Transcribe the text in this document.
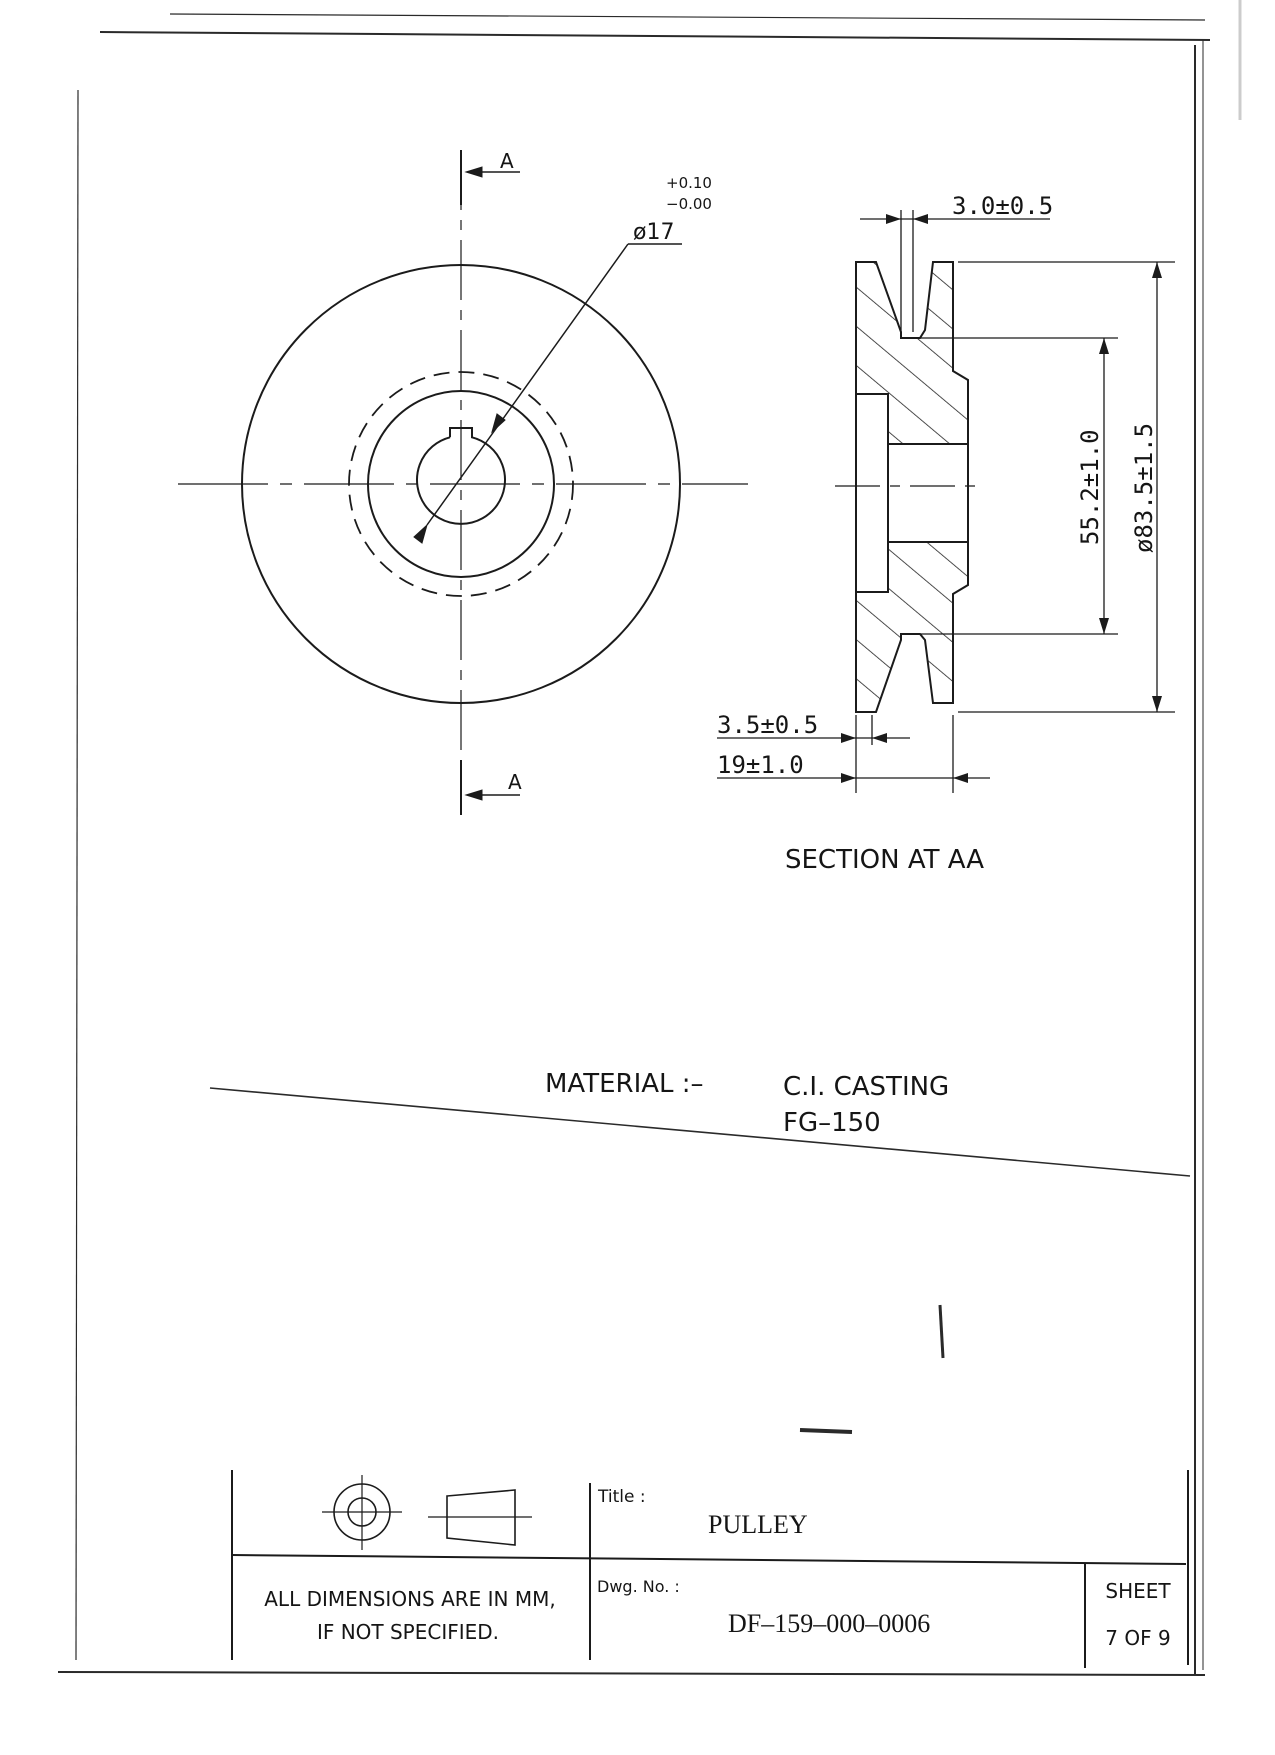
A
A
ø17
+0.10
−0.00	3.0±0.5
55.2±1.0 ø83.5±1.5
3.5±0.5
19±1.0
SECTION AT AA
MATERIAL :–	C.I. CASTING
FG–150
Title :
PULLEY
ALL DIMENSIONS ARE IN MM,
IF NOT SPECIFIED.
Dwg. No. :
DF–159–000–0006
SHEET
7 OF 9
